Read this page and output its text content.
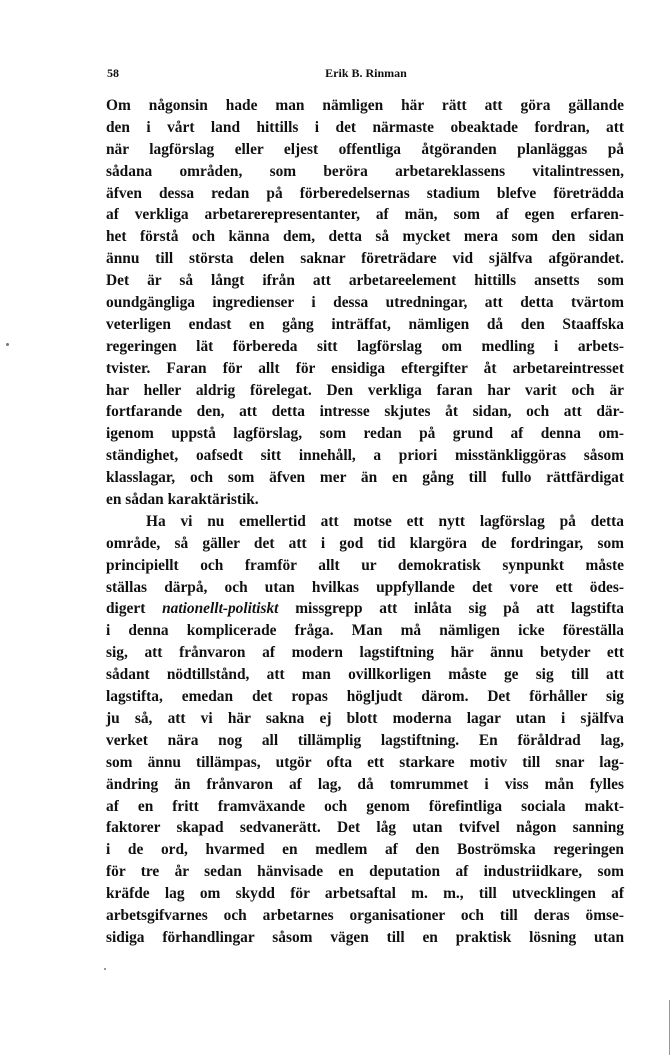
58	Erik B. Rinman
Om någonsin hade man nämligen här rätt att göra gällande
den i vårt land hittills i det närmaste obeaktade fordran, att
när lagförslag eller eljest offentliga åtgöranden planläggas på
sådana områden, som beröra arbetareklassens vitalintressen,
äfven dessa redan på förberedelsernas stadium blefve företrädda
af verkliga arbetarerepresentanter, af män, som af egen erfaren-
het förstå och känna dem, detta så mycket mera som den sidan
ännu till största delen saknar företrädare vid själfva afgörandet.
Det är så långt ifrån att arbetareelement hittills ansetts som
oundgängliga ingredienser i dessa utredningar, att detta tvärtom
veterligen endast en gång inträffat, nämligen då den Staaffska
regeringen lät förbereda sitt lagförslag om medling i arbets-
tvister. Faran för allt för ensidiga eftergifter åt arbetareintresset
har heller aldrig förelegat. Den verkliga faran har varit och är
fortfarande den, att detta intresse skjutes åt sidan, och att där-
igenom uppstå lagförslag, som redan på grund af denna om-
ständighet, oafsedt sitt innehåll, a priori misstänkliggöras såsom
klasslagar, och som äfven mer än en gång till fullo rättfärdigat
en sådan karaktäristik.
Ha vi nu emellertid att motse ett nytt lagförslag på detta
område, så gäller det att i god tid klargöra de fordringar, som
principiellt och framför allt ur demokratisk synpunkt måste
ställas därpå, och utan hvilkas uppfyllande det vore ett ödes-
digert nationellt-politiskt missgrepp att inlåta sig på att lagstifta
i denna komplicerade fråga. Man må nämligen icke föreställa
sig, att frånvaron af modern lagstiftning här ännu betyder ett
sådant nödtillstånd, att man ovillkorligen måste ge sig till att
lagstifta, emedan det ropas högljudt därom. Det förhåller sig
ju så, att vi här sakna ej blott moderna lagar utan i själfva
verket nära nog all tillämplig lagstiftning. En föråldrad lag,
som ännu tillämpas, utgör ofta ett starkare motiv till snar lag-
ändring än frånvaron af lag, då tomrummet i viss mån fylles
af en fritt framväxande och genom förefintliga sociala makt-
faktorer skapad sedvanerätt. Det låg utan tvifvel någon sanning
i de ord, hvarmed en medlem af den Boströmska regeringen
för tre år sedan hänvisade en deputation af industriidkare, som
kräfde lag om skydd för arbetsaftal m. m., till utvecklingen af
arbetsgifvarnes och arbetarnes organisationer och till deras ömse-
sidiga förhandlingar såsom vägen till en praktisk lösning utan
